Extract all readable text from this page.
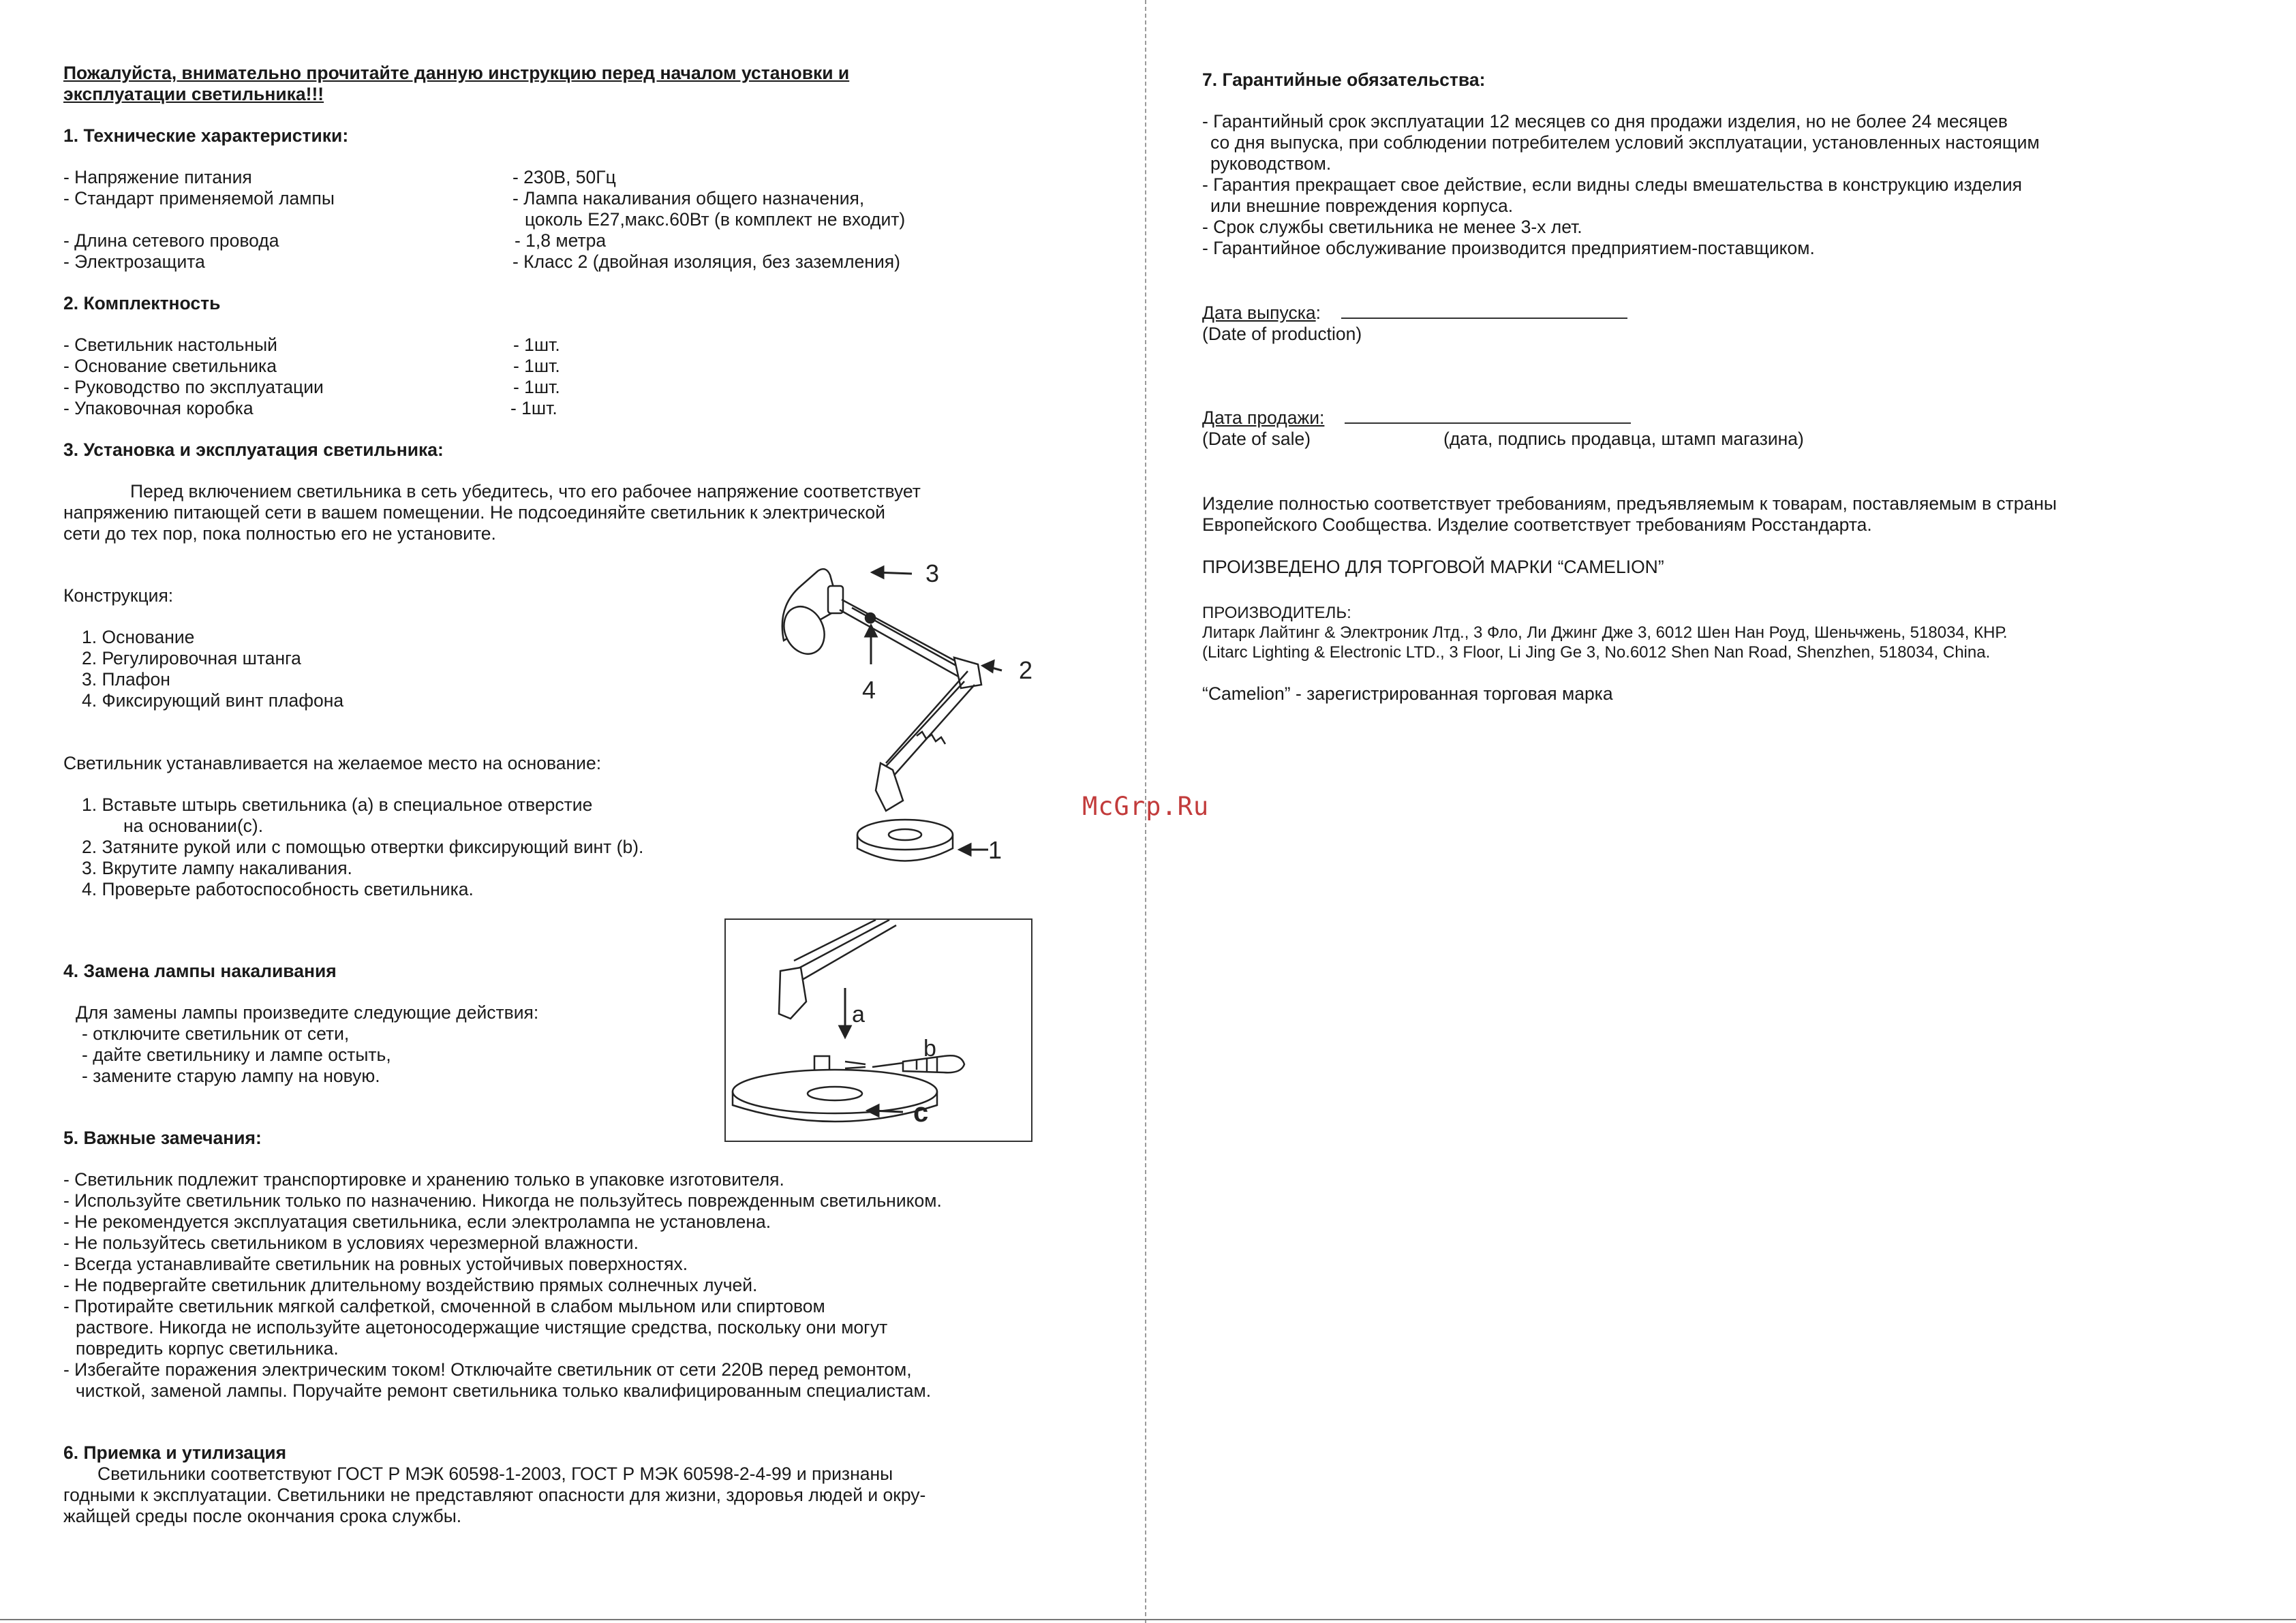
Пожалуйста, внимательно прочитайте данную инструкцию перед началом установки и

эксплуатации светильника!!!

1. Технические характеристики:

- Напряжение питания	- 230В, 50Гц
- Стандарт применяемой лампы	- Лампа накаливания общего назначения,
цоколь Е27,макс.60Вт (в комплект не входит)
- Длина сетевого провода	- 1,8 метра
- Электрозащита	- Класс 2 (двойная изоляция, без заземления)

2. Комплектность

- Светильник настольный	- 1шт.
- Основание светильника	- 1шт.
- Руководство по эксплуатации	- 1шт.
- Упаковочная коробка	- 1шт.

3. Установка и эксплуатация светильника:

Перед включением светильника в сеть убедитесь, что его рабочее напряжение соответствует

напряжению питающей сети в вашем помещении. Не подсоединяйте светильник к электрической

сети до тех пор, пока полностью его не установите.

Конструкция:

1. Основание

2. Регулировочная штанга

3. Плафон

4. Фиксирующий винт плафона

Светильник устанавливается на желаемое место на основание:

1. Вставьте штырь светильника (a) в специальное отверстие

на основании(c).

2. Затяните рукой или с помощью отвертки фиксирующий винт (b).

3. Вкрутите лампу накаливания.

4. Проверьте работоспособность светильника.

3
2
4
1
a
b
c

4. Замена лампы накаливания

Для замены лампы произведите следующие действия:

- отключите светильник от сети,

- дайте светильнику и лампе остыть,

- замените старую лампу на новую.

5. Важные замечания:

- Светильник подлежит транспортировке и хранению только в упаковке изготовителя.

- Используйте светильник только по назначению. Никогда не пользуйтесь поврежденным светильником.

- Не рекомендуется эксплуатация светильника, если электролампа не установлена.

- Не пользуйтесь светильником в условиях черезмерной влажности.

- Всегда устанавливайте светильник на ровных устойчивых поверхностях.

- Не подвергайте светильник длительному воздействию прямых солнечных лучей.

- Протирайте светильник мягкой салфеткой, смоченной в слабом мыльном или спиртовом

раствore. Никогда не используйте ацетоносодержащие чистящие средства, поскольку они могут

повредить корпус светильника.

- Избегайте поражения электрическим током! Отключайте светильник от сети 220В перед ремонтом,

чисткой, заменой лампы. Поручайте ремонт светильника только квалифицированным специалистам.

6. Приемка и утилизация

Светильники соответствуют ГОСТ Р МЭК 60598-1-2003, ГОСТ Р МЭК 60598-2-4-99 и признаны

годными к эксплуатации. Светильники не представляют опасности для жизни, здоровья людей и окру-

жайщей среды после окончания срока службы.

McGrp.Ru

7. Гарантийные обязательства:

- Гарантийный срок эксплуатации 12 месяцев со дня продажи изделия, но не более 24 месяцев

со дня выпуска, при соблюдении потребителем условий эксплуатации, установленных настоящим

руководством.

- Гарантия прекращает свое действие, если видны следы вмешательства в конструкцию изделия

или внешние повреждения корпуса.

- Срок службы светильника не менее 3-х лет.

- Гарантийное обслуживание производится предприятием-поставщиком.

Дата выпуска:

(Date of production)

Дата продажи:

(Date of sale)	(дата, подпись продавца, штамп магазина)

Изделие полностью соответствует требованиям, предъявляемым к товарам, поставляемым в страны

Европейского Сообщества. Изделие соответствует требованиям Росстандарта.

ПРОИЗВЕДЕНО ДЛЯ ТОРГОВОЙ МАРКИ “CAMELION”

ПРОИЗВОДИТЕЛЬ:

Литарк Лайтинг & Электроник Лтд., 3 Фло, Ли Джинг Дже 3, 6012 Шен Нан Роуд, Шеньчжень, 518034, КНР.

(Litarc Lighting & Electronic LTD., 3 Floor, Li Jing Ge 3, No.6012 Shen Nan Road, Shenzhen, 518034, China.

“Camelion” - зарегистрированная торговая марка
